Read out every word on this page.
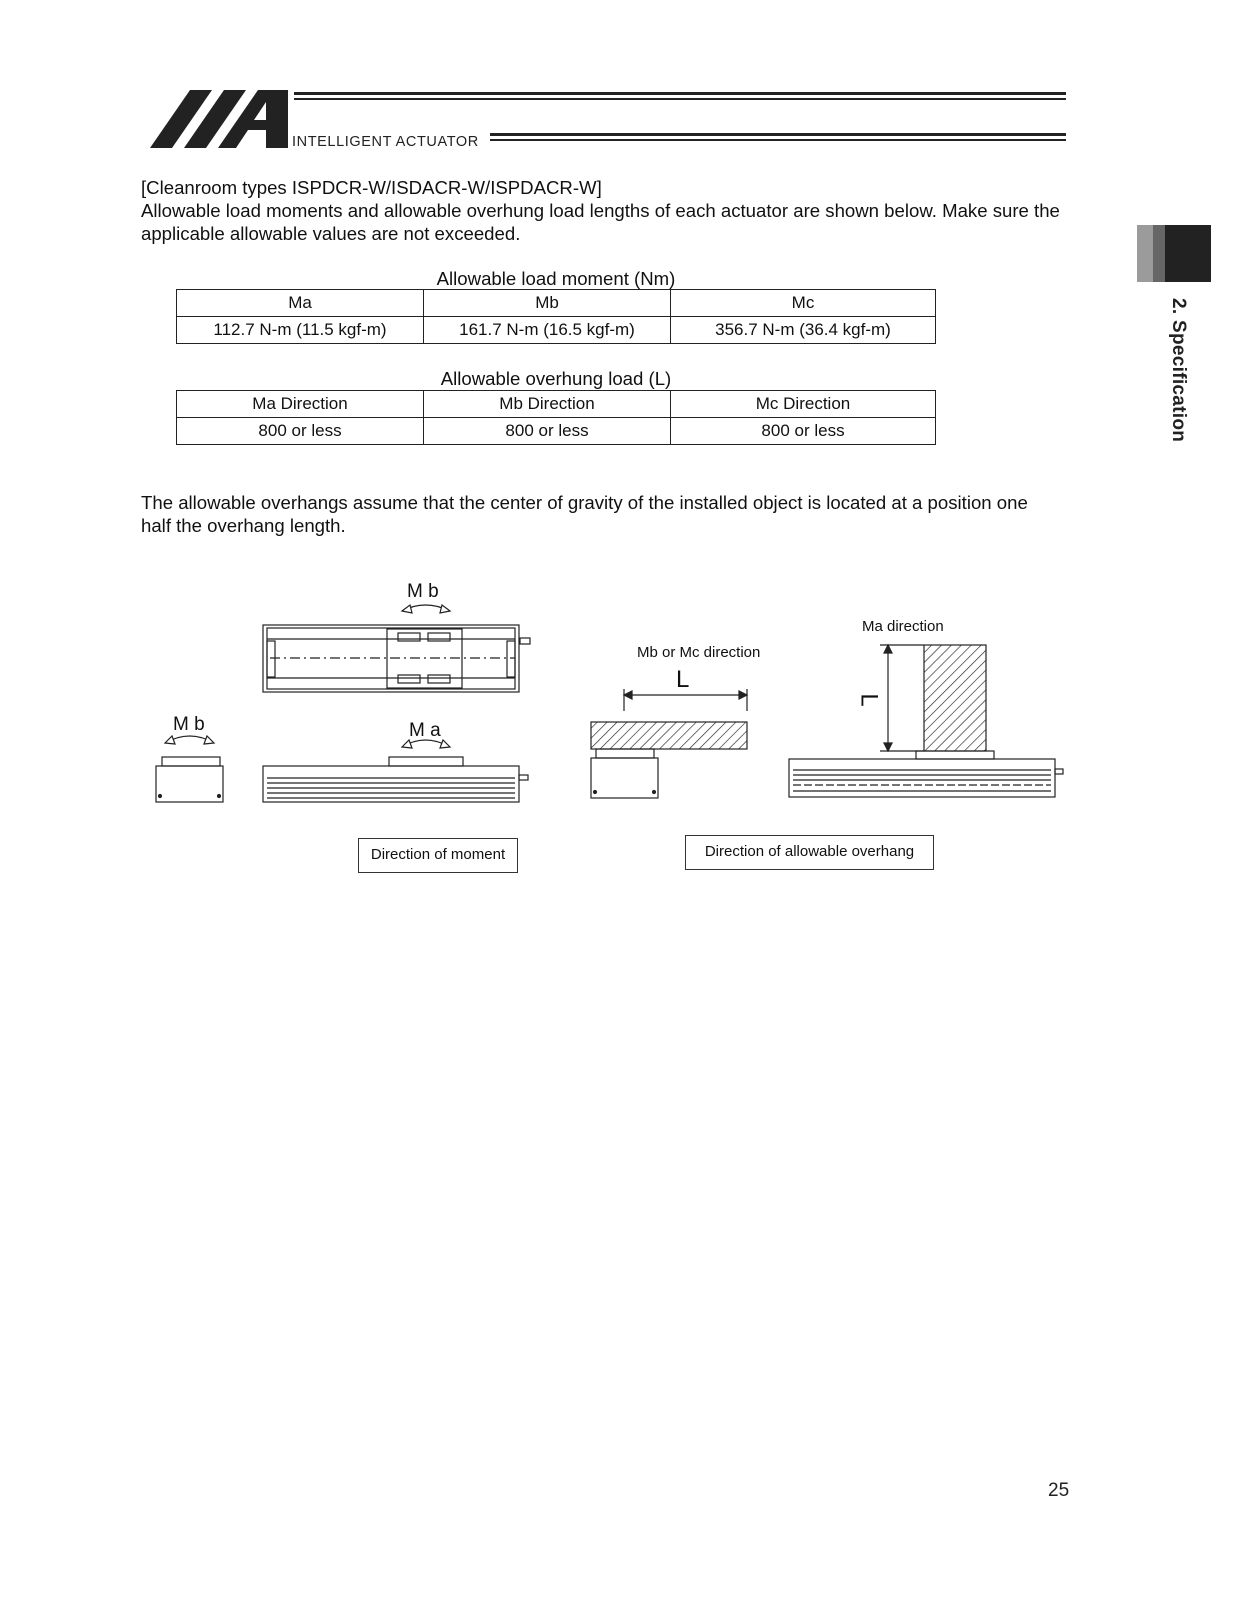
INTELLIGENT ACTUATOR
2. Specification
[Cleanroom types ISPDCR-W/ISDACR-W/ISPDACR-W]
Allowable load moments and allowable overhung load lengths of each actuator are shown below. Make sure the applicable allowable values are not exceeded.
Allowable load moment (Nm)
Ma	Mb	Mc
112.7 N-m (11.5 kgf-m)	161.7 N-m (16.5 kgf-m)	356.7 N-m (36.4 kgf-m)
Allowable overhung load (L)
Ma Direction	Mb Direction	Mc Direction
800 or less	800 or less	800 or less
The allowable overhangs assume that the center of gravity of the installed object is located at a position one half the overhang length.
M b
M b	M a
Mb or Mc direction
Ma direction
L
L
Direction of moment	Direction of allowable overhang
25
